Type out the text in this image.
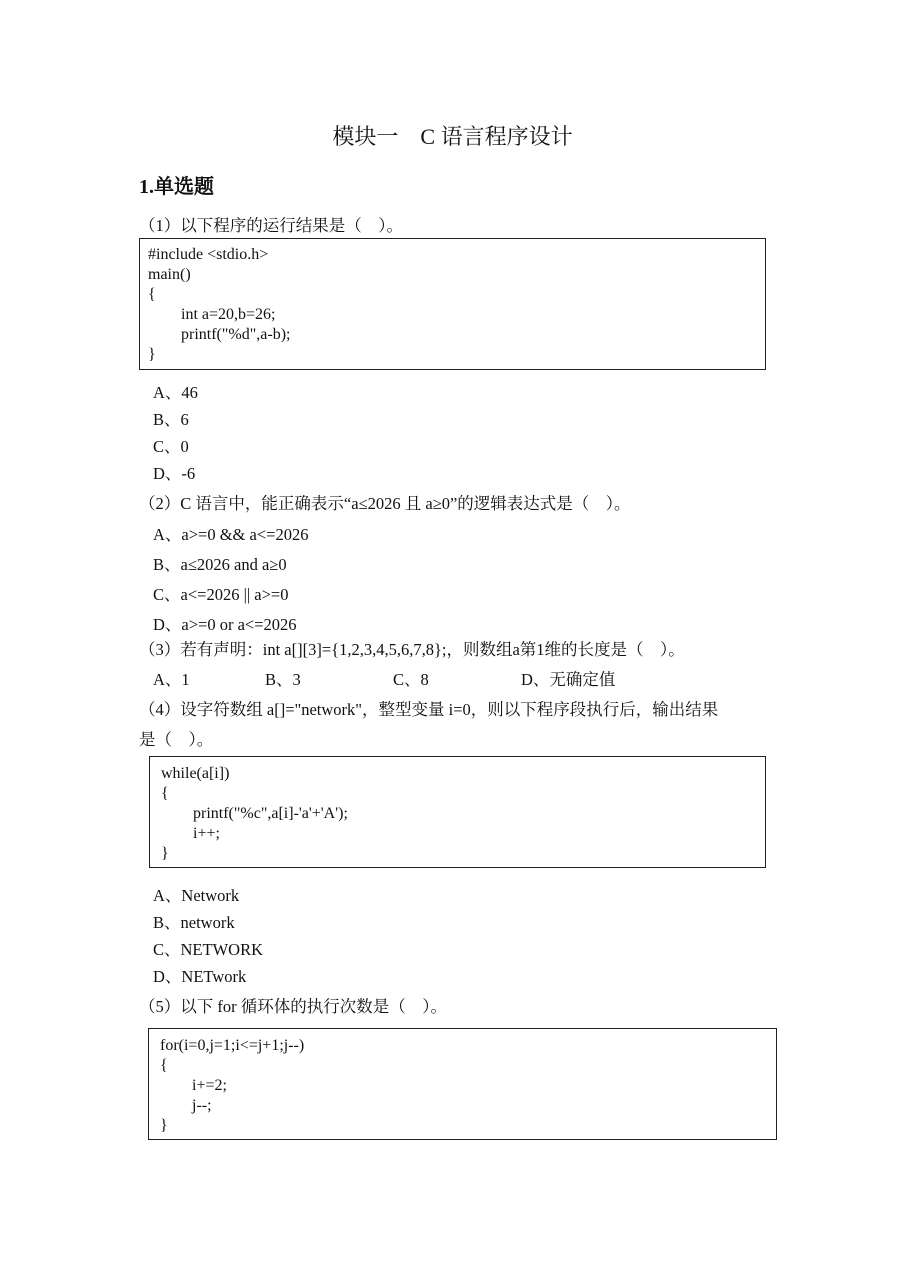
模块一　C 语言程序设计
1.单选题
（1）以下程序的运行结果是（　）。
#include <stdio.h>
main()
{
int a=20,b=26;
printf("%d",a-b);
}
A、46
B、6
C、0
D、-6
（2）C 语言中，能正确表示“a≤2026 且 a≥0”的逻辑表达式是（　）。
A、a>=0 && a<=2026
B、a≤2026 and a≥0
C、a<=2026 || a>=0
D、a>=0 or a<=2026
（3）若有声明：int a[][3]={1,2,3,4,5,6,7,8};，则数组a第1维的长度是（　）。
A、1	B、3	C、8	D、无确定值
（4）设字符数组 a[]="network"，整型变量 i=0，则以下程序段执行后，输出结果
是（　）。
while(a[i])
{
printf("%c",a[i]-'a'+'A');
i++;
}
A、Network
B、network
C、NETWORK
D、NETwork
（5）以下 for 循环体的执行次数是（　）。
for(i=0,j=1;i<=j+1;j--)
{
i+=2;
j--;
}
